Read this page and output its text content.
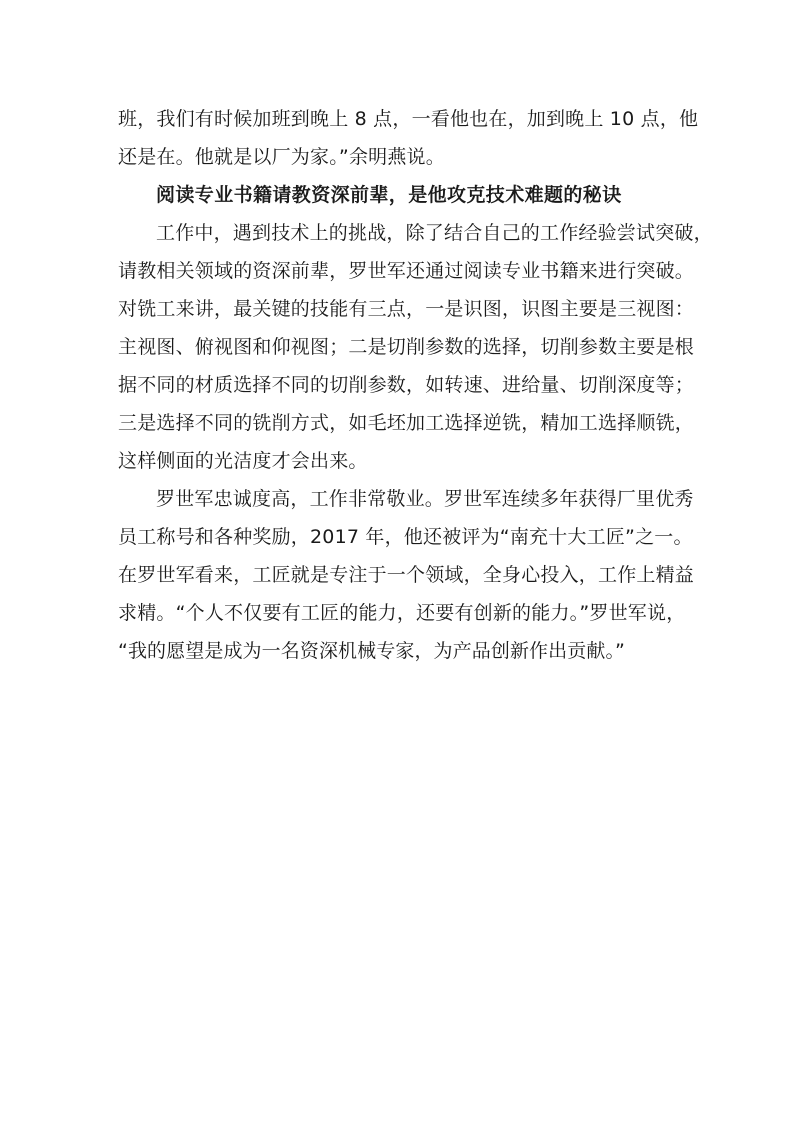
班，我们有时候加班到晚上 8 点，一看他也在，加到晚上 10 点，他
还是在。他就是以厂为家。”余明燕说。
阅读专业书籍请教资深前辈，是他攻克技术难题的秘诀
工作中，遇到技术上的挑战，除了结合自己的工作经验尝试突破，
请教相关领域的资深前辈，罗世军还通过阅读专业书籍来进行突破。
对铣工来讲，最关键的技能有三点，一是识图，识图主要是三视图：
主视图、俯视图和仰视图；二是切削参数的选择，切削参数主要是根
据不同的材质选择不同的切削参数，如转速、进给量、切削深度等；
三是选择不同的铣削方式，如毛坯加工选择逆铣，精加工选择顺铣，
这样侧面的光洁度才会出来。
罗世军忠诚度高，工作非常敬业。罗世军连续多年获得厂里优秀
员工称号和各种奖励，2017 年，他还被评为“南充十大工匠”之一。
在罗世军看来，工匠就是专注于一个领域，全身心投入，工作上精益
求精。“个人不仅要有工匠的能力，还要有创新的能力。”罗世军说，
“我的愿望是成为一名资深机械专家，为产品创新作出贡献。”
